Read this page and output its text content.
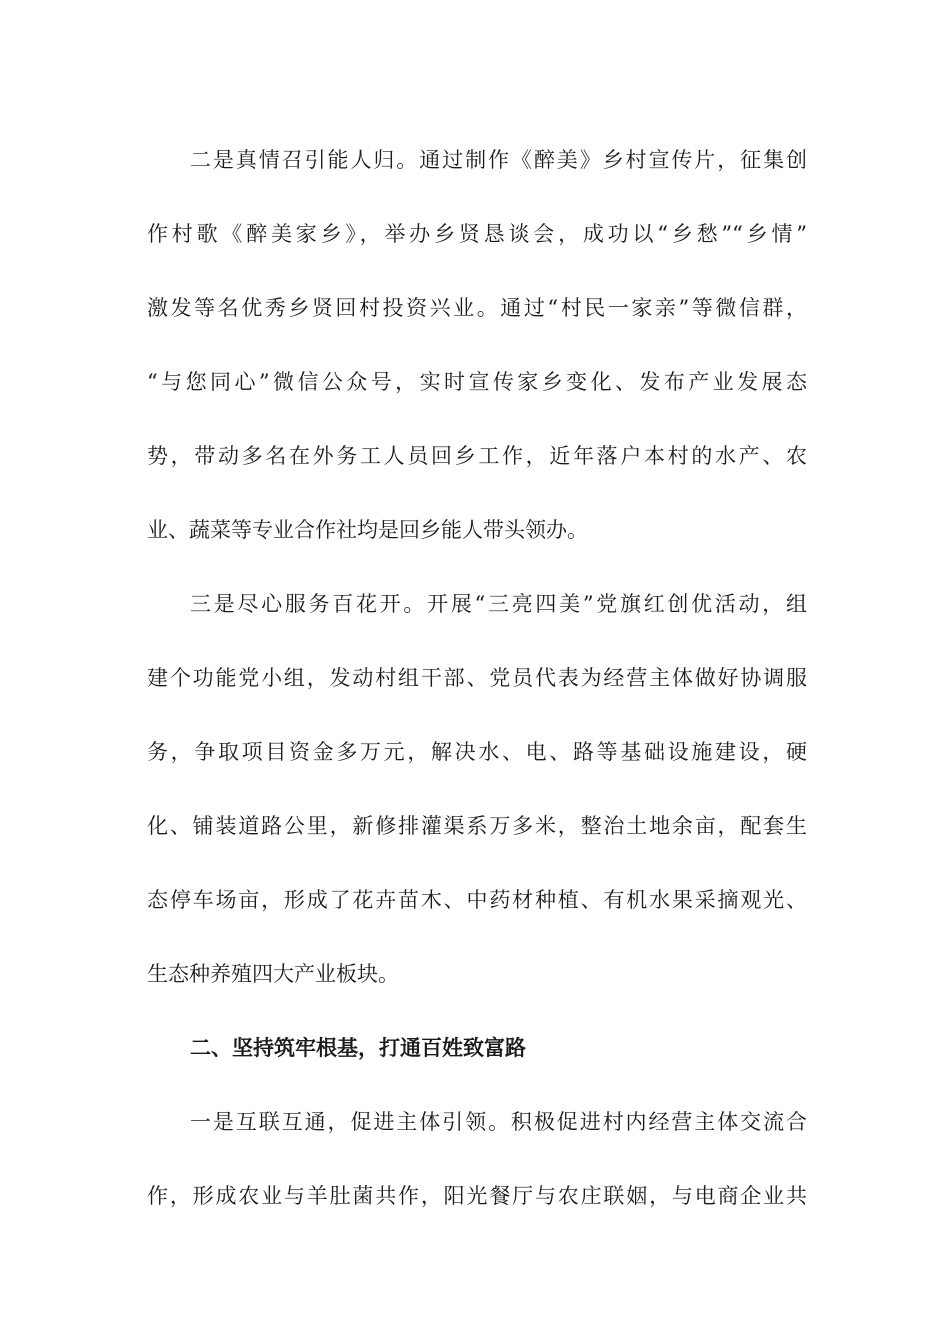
二是真情召引能人归。通过制作《醉美》乡村宣传片，征集创
作村歌《醉美家乡》，举办乡贤恳谈会，成功以“乡愁”“乡情”
激发等名优秀乡贤回村投资兴业。通过“村民一家亲”等微信群，
“与您同心”微信公众号，实时宣传家乡变化、发布产业发展态
势，带动多名在外务工人员回乡工作，近年落户本村的水产、农
业、蔬菜等专业合作社均是回乡能人带头领办。
三是尽心服务百花开。开展“三亮四美”党旗红创优活动，组
建个功能党小组，发动村组干部、党员代表为经营主体做好协调服
务，争取项目资金多万元，解决水、电、路等基础设施建设，硬
化、铺装道路公里，新修排灌渠系万多米，整治土地余亩，配套生
态停车场亩，形成了花卉苗木、中药材种植、有机水果采摘观光、
生态种养殖四大产业板块。
二、坚持筑牢根基，打通百姓致富路
一是互联互通，促进主体引领。积极促进村内经营主体交流合
作，形成农业与羊肚菌共作，阳光餐厅与农庄联姻，与电商企业共
